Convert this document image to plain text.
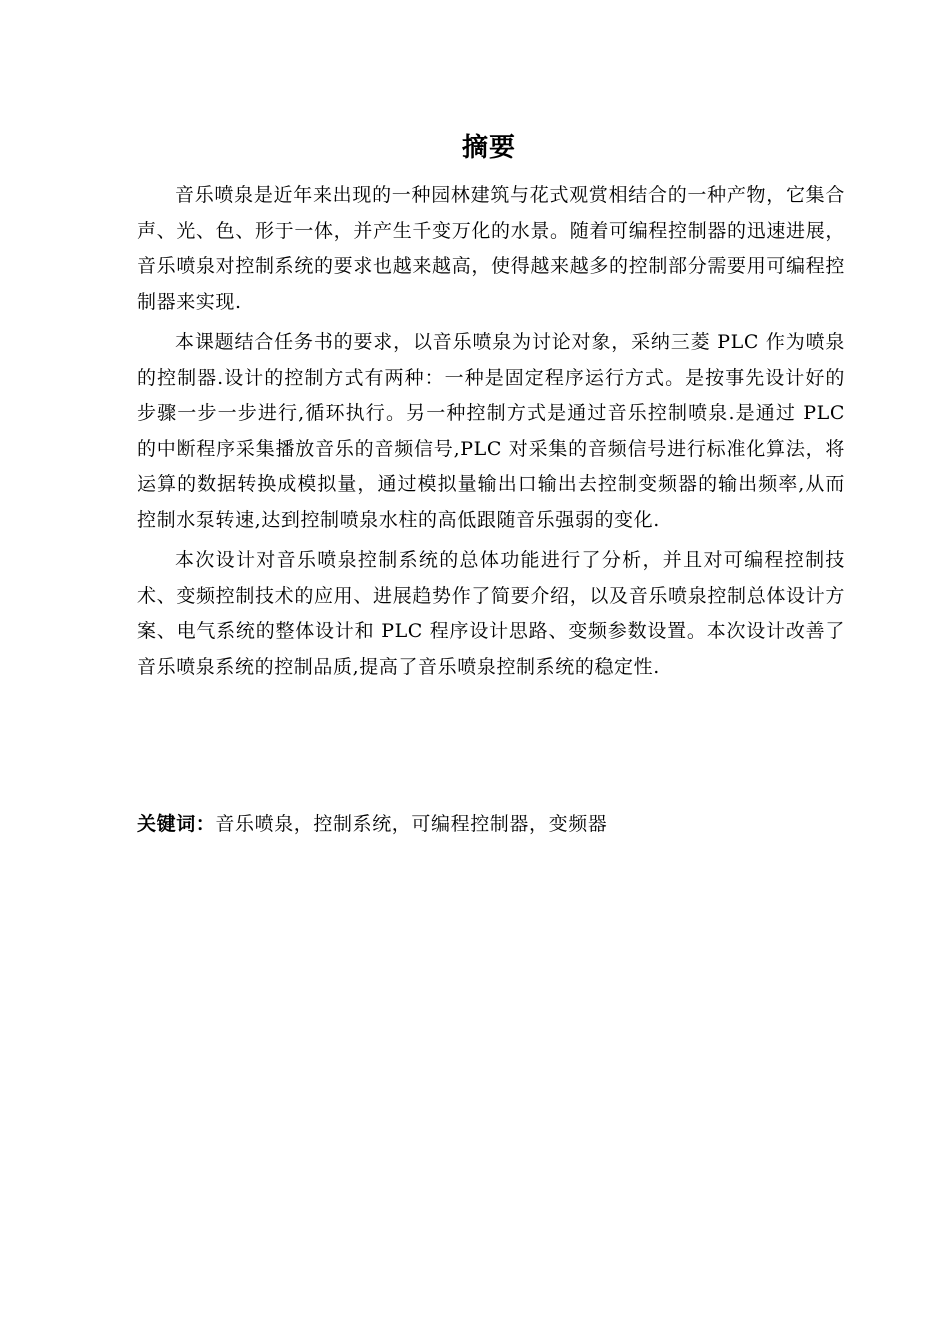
摘要

音乐喷泉是近年来出现的一种园林建筑与花式观赏相结合的一种产物，它集合声、光、色、形于一体，并产生千变万化的水景。随着可编程控制器的迅速进展，音乐喷泉对控制系统的要求也越来越高，使得越来越多的控制部分需要用可编程控制器来实现.

本课题结合任务书的要求，以音乐喷泉为讨论对象，采纳三菱 PLC 作为喷泉的控制器.设计的控制方式有两种：一种是固定程序运行方式。是按事先设计好的步骤一步一步进行,循环执行。另一种控制方式是通过音乐控制喷泉.是通过 PLC 的中断程序采集播放音乐的音频信号,PLC 对采集的音频信号进行标准化算法，将运算的数据转换成模拟量，通过模拟量输出口输出去控制变频器的输出频率,从而控制水泵转速,达到控制喷泉水柱的高低跟随音乐强弱的变化.

本次设计对音乐喷泉控制系统的总体功能进行了分析，并且对可编程控制技术、变频控制技术的应用、进展趋势作了简要介绍，以及音乐喷泉控制总体设计方案、电气系统的整体设计和 PLC 程序设计思路、变频参数设置。本次设计改善了音乐喷泉系统的控制品质,提高了音乐喷泉控制系统的稳定性.

关键词：音乐喷泉，控制系统，可编程控制器，变频器
